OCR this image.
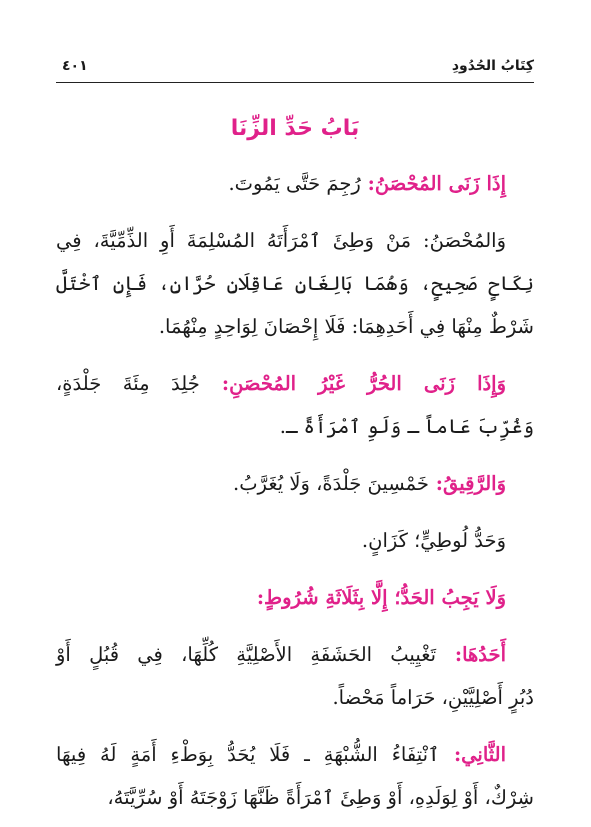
كِتَابُ الحُدُودِ
٤٠١
بَابُ حَدِّ الزِّنَا
إِذَا زَنَى المُحْصَنُ: رُجِمَ حَتَّى يَمُوتَ.
وَالمُحْصَنُ: مَنْ وَطِئَ ٱمْرَأَتَهُ المُسْلِمَةَ أَوِ الذِّمِّيَّةَ، فِي
نِكَاحٍ صَحِيحٍ، وَهُمَا بَالِغَانِ عَاقِلَانِ حُرَّانِ، فَإِنِ ٱخْتَلَّ
شَرْطٌ مِنْهَا فِي أَحَدِهِمَا: فَلَا إِحْصَانَ لِوَاحِدٍ مِنْهُمَا.
وَإِذَا زَنَى الحُرُّ غَيْرُ المُحْصَنِ: جُلِدَ مِئَةَ جَلْدَةٍ،
وَغُرِّبَ عَاماً ـ وَلَوِ ٱمْرَأَةً ـ.
وَالرَّقِيقُ: خَمْسِينَ جَلْدَةً، وَلَا يُغَرَّبُ.
وَحَدُّ لُوطِيٍّ؛ كَزَانٍ.
وَلَا يَجِبُ الحَدُّ؛ إِلَّا بِثَلَاثَةِ شُرُوطٍ:
أَحَدُهَا: تَغْيِيبُ الحَشَفَةِ الأَصْلِيَّةِ كُلِّهَا، فِي قُبُلٍ أَوْ
دُبُرٍ أَصْلِيَّيْنِ، حَرَاماً مَحْضاً.
الثَّانِي: ٱنْتِفَاءُ الشُّبْهَةِ ـ فَلَا يُحَدُّ بِوَطْءِ أَمَةٍ لَهُ فِيهَا
شِرْكٌ، أَوْ لِوَلَدِهِ، أَوْ وَطِئَ ٱمْرَأَةً ظَنَّهَا زَوْجَتَهُ أَوْ سُرِّيَّتَهُ،
